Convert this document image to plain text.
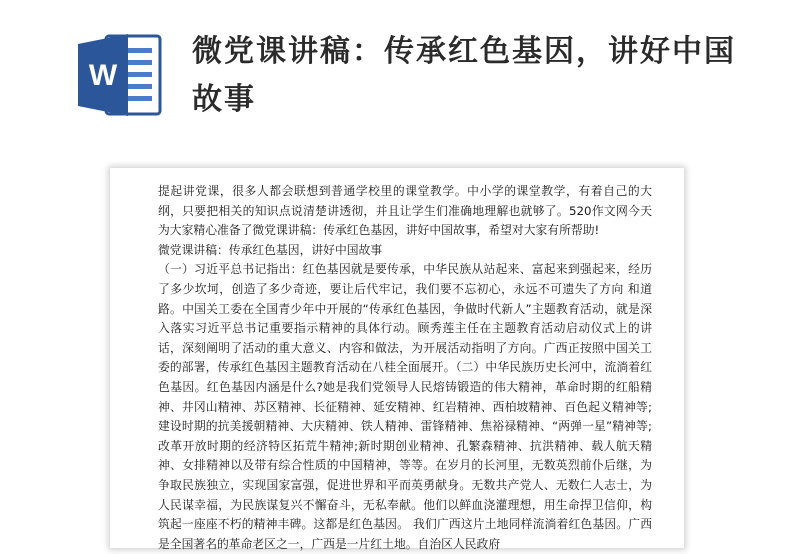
W
微党课讲稿：传承红色基因，讲好中国故事

提起讲党课，很多人都会联想到普通学校里的课堂教学。中小学的课堂教学，有着自己的大纲，只要把相关的知识点说清楚讲透彻，并且让学生们准确地理解也就够了。520作文网今天为大家精心准备了微党课讲稿：传承红色基因，讲好中国故事，希望对大家有所帮助!

微党课讲稿：传承红色基因，讲好中国故事

（一）习近平总书记指出：红色基因就是要传承，中华民族从站起来、富起来到强起来，经历了多少坎坷，创造了多少奇迹，要让后代牢记，我们要不忘初心，永远不可遗失了方向 和道路。中国关工委在全国青少年中开展的“传承红色基因，争做时代新人”主题教育活动，就是深入落实习近平总书记重要指示精神的具体行动。顾秀莲主任在主题教育活动启动仪式上的讲话，深刻阐明了活动的重大意义、内容和做法，为开展活动指明了方向。广西正按照中国关工委的部署，传承红色基因主题教育活动在八桂全面展开。（二）中华民族历史长河中，流淌着红色基因。红色基因内涵是什么?她是我们党领导人民熔铸锻造的伟大精神，革命时期的红船精神、井冈山精神、苏区精神、长征精神、延安精神、红岩精神、西柏坡精神、百色起义精神等;建设时期的抗美援朝精神、大庆精神、铁人精神、雷锋精神、焦裕禄精神、“两弹一星”精神等;改革开放时期的经济特区拓荒牛精神;新时期创业精神、孔繁森精神、抗洪精神、载人航天精神、女排精神以及带有综合性质的中国精神，等等。在岁月的长河里，无数英烈前仆后继，为争取民族独立，实现国家富强，促进世界和平而英勇献身。无数共产党人、无数仁人志士，为人民谋幸福，为民族谋复兴不懈奋斗，无私奉献。他们以鲜血浇灌理想，用生命捍卫信仰，构筑起一座座不朽的精神丰碑。这都是红色基因。 我们广西这片土地同样流淌着红色基因。广西是全国著名的革命老区之一，广西是一片红土地。自治区人民政府
